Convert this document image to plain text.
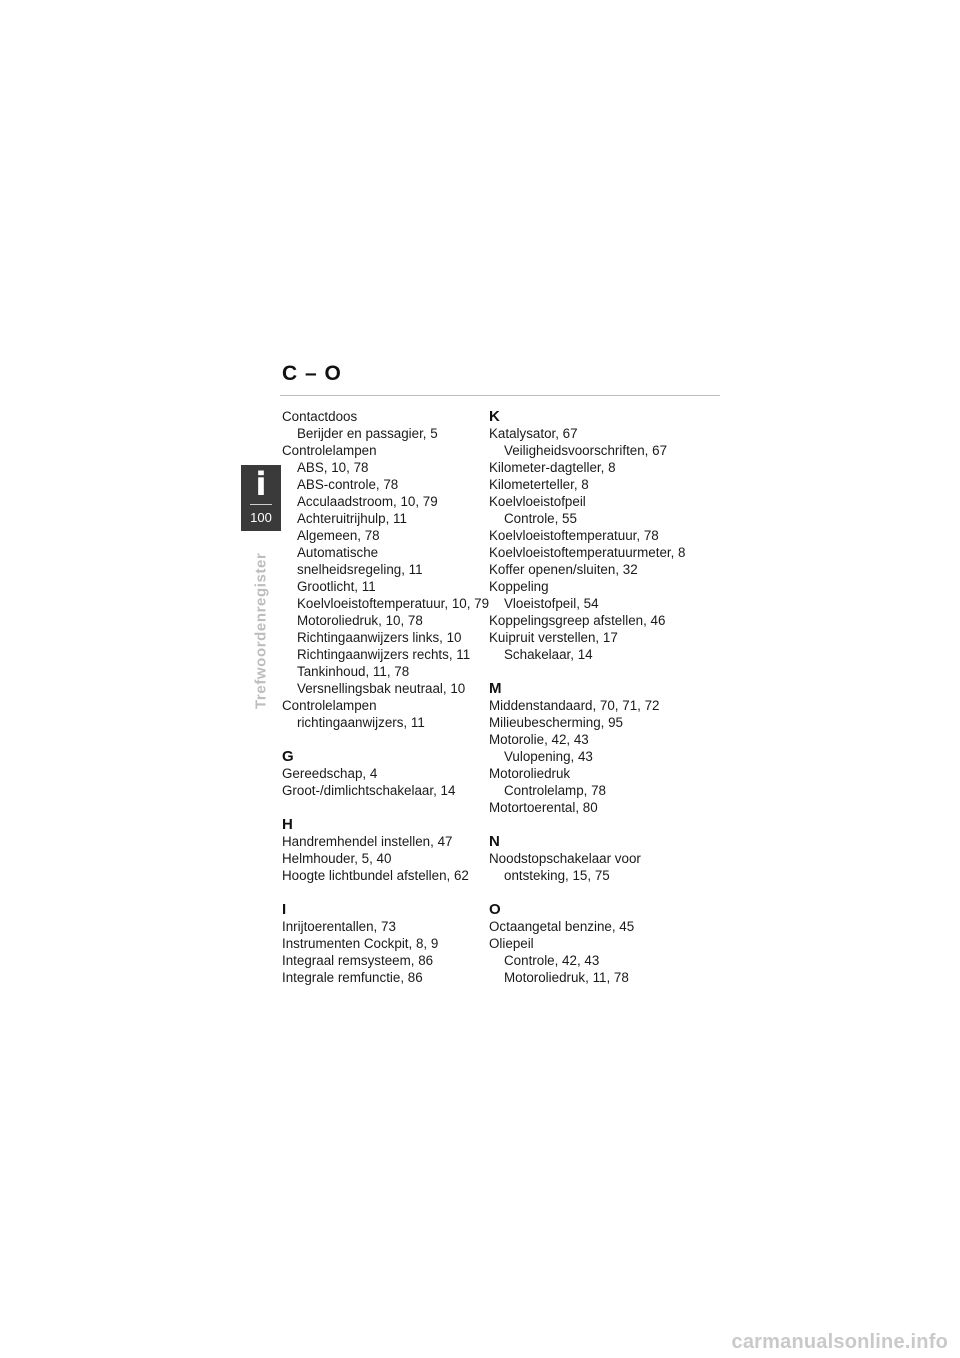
C – O
i
100
Trefwoordenregister
Contactdoos
Berijder en passagier, 5
Controlelampen
ABS, 10, 78
ABS-controle, 78
Acculaadstroom, 10, 79
Achteruitrijhulp, 11
Algemeen, 78
Automatische
snelheidsregeling, 11
Grootlicht, 11
Koelvloeistoftemperatuur, 10, 79
Motoroliedruk, 10, 78
Richtingaanwijzers links, 10
Richtingaanwijzers rechts, 11
Tankinhoud, 11, 78
Versnellingsbak neutraal, 10
Controlelampen
richtingaanwijzers, 11
G
Gereedschap, 4
Groot-/dimlichtschakelaar, 14
H
Handremhendel instellen, 47
Helmhouder, 5, 40
Hoogte lichtbundel afstellen, 62
I
Inrijtoerentallen, 73
Instrumenten Cockpit, 8, 9
Integraal remsysteem, 86
Integrale remfunctie, 86
K
Katalysator, 67
Veiligheidsvoorschriften, 67
Kilometer-dagteller, 8
Kilometerteller, 8
Koelvloeistofpeil
Controle, 55
Koelvloeistoftemperatuur, 78
Koelvloeistoftemperatuurmeter, 8
Koffer openen/sluiten, 32
Koppeling
Vloeistofpeil, 54
Koppelingsgreep afstellen, 46
Kuipruit verstellen, 17
Schakelaar, 14
M
Middenstandaard, 70, 71, 72
Milieubescherming, 95
Motorolie, 42, 43
Vulopening, 43
Motoroliedruk
Controlelamp, 78
Motortoerental, 80
N
Noodstopschakelaar voor
ontsteking, 15, 75
O
Octaangetal benzine, 45
Oliepeil
Controle, 42, 43
Motoroliedruk, 11, 78
carmanualsonline.info
